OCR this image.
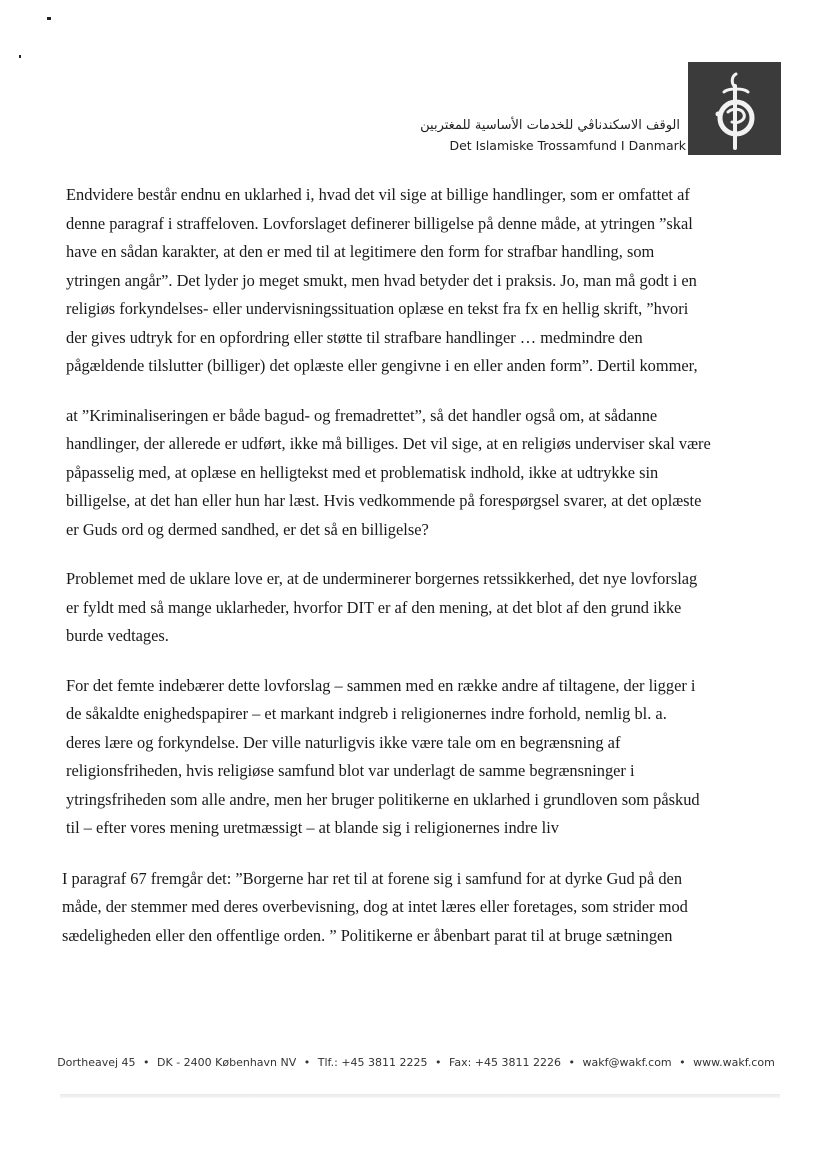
الوقف الاسكندناڤي للخدمات الأساسية للمغتربين
Det Islamiske Trossamfund I Danmark
Endvidere består endnu en uklarhed i, hvad det vil sige at billige handlinger, som er omfattet af
denne paragraf i straffeloven. Lovforslaget definerer billigelse på denne måde, at ytringen ”skal
have en sådan karakter, at den er med til at legitimere den form for strafbar handling, som
ytringen angår”. Det lyder jo meget smukt, men hvad betyder det i praksis. Jo, man må godt i en
religiøs forkyndelses- eller undervisningssituation oplæse en tekst fra fx en hellig skrift, ”hvori
der gives udtryk for en opfordring eller støtte til strafbare handlinger … medmindre den
pågældende tilslutter (billiger) det oplæste eller gengivne i en eller anden form”. Dertil kommer,
at ”Kriminaliseringen er både bagud- og fremadrettet”, så det handler også om, at sådanne
handlinger, der allerede er udført, ikke må billiges. Det vil sige, at en religiøs underviser skal være
påpasselig med, at oplæse en helligtekst med et problematisk indhold, ikke at udtrykke sin
billigelse, at det han eller hun har læst. Hvis vedkommende på forespørgsel svarer, at det oplæste
er Guds ord og dermed sandhed, er det så en billigelse?
Problemet med de uklare love er, at de underminerer borgernes retssikkerhed, det nye lovforslag
er fyldt med så mange uklarheder, hvorfor DIT er af den mening, at det blot af den grund ikke
burde vedtages.
For det femte indebærer dette lovforslag – sammen med en række andre af tiltagene, der ligger i
de såkaldte enighedspapirer – et markant indgreb i religionernes indre forhold, nemlig bl. a.
deres lære og forkyndelse. Der ville naturligvis ikke være tale om en begrænsning af
religionsfriheden, hvis religiøse samfund blot var underlagt de samme begrænsninger i
ytringsfriheden som alle andre, men her bruger politikerne en uklarhed i grundloven som påskud
til – efter vores mening uretmæssigt – at blande sig i religionernes indre liv
I paragraf 67 fremgår det: ”Borgerne har ret til at forene sig i samfund for at dyrke Gud på den
måde, der stemmer med deres overbevisning, dog at intet læres eller foretages, som strider mod
sædeligheden eller den offentlige orden. ” Politikerne er åbenbart parat til at bruge sætningen
Dortheavej 45 • DK - 2400 København NV • Tlf.: +45 3811 2225 • Fax: +45 3811 2226 • wakf@wakf.com • www.wakf.com
